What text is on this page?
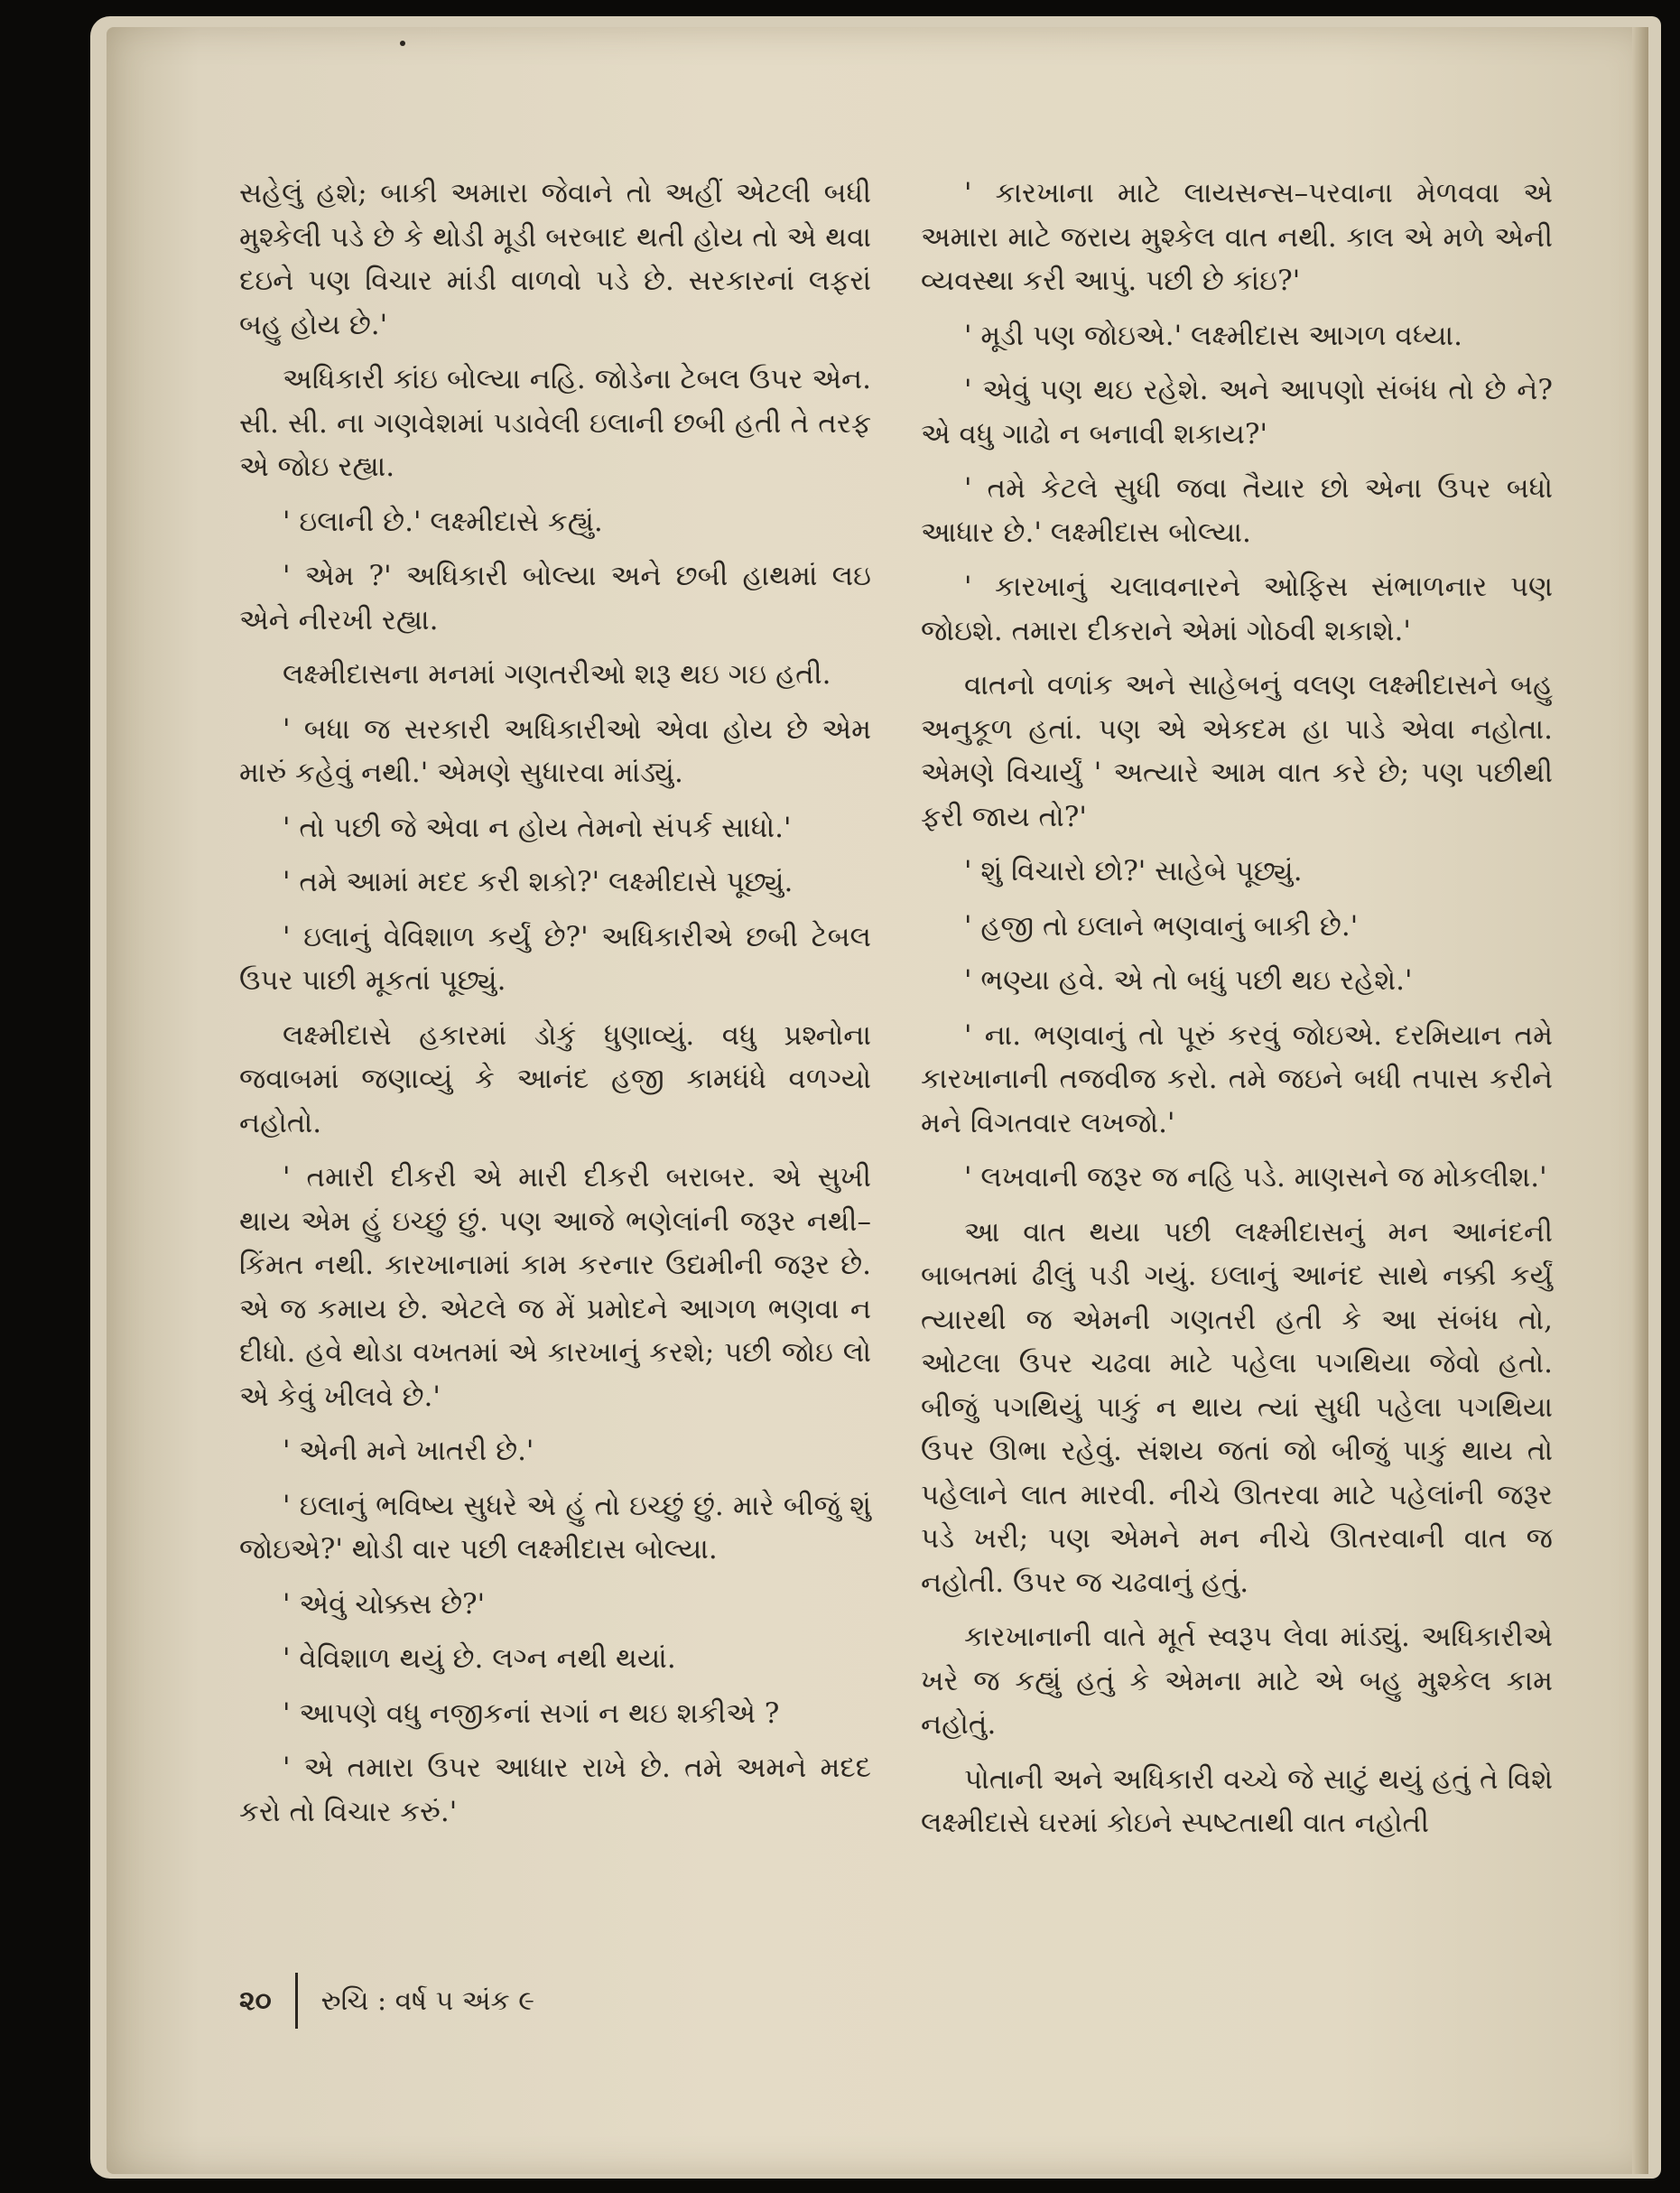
સહેલું હશે; બાકી અમારા જેવાને તો અહીં એટલી બધી મુશ્કેલી પડે છે કે થોડી મૂડી બરબાદ થતી હોય તો એ થવા દઇને પણ વિચાર માંડી વાળવો પડે છે. સરકારનાં લફરાં બહુ હોય છે.'

અધિકારી કાંઇ બોલ્યા નહિ. જોડેના ટેબલ ઉપર એન. સી. સી. ના ગણવેશમાં પડાવેલી ઇલાની છબી હતી તે તરફ એ જોઇ રહ્યા.

' ઇલાની છે.' લક્ષ્મીદાસે કહ્યું.

' એમ ?' અધિકારી બોલ્યા અને છબી હાથમાં લઇ એને નીરખી રહ્યા.

લક્ષ્મીદાસના મનમાં ગણતરીઓ શરૂ થઇ ગઇ હતી.

' બધા જ સરકારી અધિકારીઓ એવા હોય છે એમ મારું કહેવું નથી.' એમણે સુધારવા માંડ્યું.

' તો પછી જે એવા ન હોય તેમનો સંપર્ક સાધો.'

' તમે આમાં મદદ કરી શકો?' લક્ષ્મીદાસે પૂછ્યું.

' ઇલાનું વેવિશાળ કર્યું છે?' અધિકારીએ છબી ટેબલ ઉપર પાછી મૂકતાં પૂછ્યું.

લક્ષ્મીદાસે હકારમાં ડોકું ધુણાવ્યું. વધુ પ્રશ્નોના જવાબમાં જણાવ્યું કે આનંદ હજી કામધંધે વળગ્યો નહોતો.

' તમારી દીકરી એ મારી દીકરી બરાબર. એ સુખી થાય એમ હું ઇચ્છું છું. પણ આજે ભણેલાંની જરૂર નથી–કિંમત નથી. કારખાનામાં કામ કરનાર ઉદ્યમીની જરૂર છે. એ જ કમાય છે. એટલે જ મેં પ્રમોદને આગળ ભણવા ન દીધો. હવે થોડા વખતમાં એ કારખાનું કરશે; પછી જોઇ લો એ કેવું ખીલવે છે.'

' એની મને ખાતરી છે.'

' ઇલાનું ભવિષ્ય સુધરે એ હું તો ઇચ્છું છું. મારે બીજું શું જોઇએ?' થોડી વાર પછી લક્ષ્મીદાસ બોલ્યા.

' એવું ચોક્કસ છે?'

' વેવિશાળ થયું છે. લગ્ન નથી થયાં.

' આપણે વધુ નજીકનાં સગાં ન થઇ શકીએ ?

' એ તમારા ઉપર આધાર રાખે છે. તમે અમને મદદ કરો તો વિચાર કરું.'

' કારખાના માટે લાયસન્સ–પરવાના મેળવવા એ અમારા માટે જરાય મુશ્કેલ વાત નથી. કાલ એ મળે એની વ્યવસ્થા કરી આપું. પછી છે કાંઇ?'

' મૂડી પણ જોઇએ.' લક્ષ્મીદાસ આગળ વધ્યા.

' એવું પણ થઇ રહેશે. અને આપણો સંબંધ તો છે ને? એ વધુ ગાઢો ન બનાવી શકાય?'

' તમે કેટલે સુધી જવા તૈયાર છો એના ઉપર બધો આધાર છે.' લક્ષ્મીદાસ બોલ્યા.

' કારખાનું ચલાવનારને ઓફિસ સંભાળનાર પણ જોઇશે. તમારા દીકરાને એમાં ગોઠવી શકાશે.'

વાતનો વળાંક અને સાહેબનું વલણ લક્ષ્મીદાસને બહુ અનુકૂળ હતાં. પણ એ એકદમ હા પાડે એવા નહોતા. એમણે વિચાર્યું ' અત્યારે આમ વાત કરે છે; પણ પછીથી ફરી જાય તો?'

' શું વિચારો છો?' સાહેબે પૂછ્યું.

' હજી તો ઇલાને ભણવાનું બાકી છે.'

' ભણ્યા હવે. એ તો બધું પછી થઇ રહેશે.'

' ના. ભણવાનું તો પૂરું કરવું જોઇએ. દરમિયાન તમે કારખાનાની તજવીજ કરો. તમે જઇને બધી તપાસ કરીને મને વિગતવાર લખજો.'

' લખવાની જરૂર જ નહિ પડે. માણસને જ મોકલીશ.'

આ વાત થયા પછી લક્ષ્મીદાસનું મન આનંદની બાબતમાં ઢીલું પડી ગયું. ઇલાનું આનંદ સાથે નક્કી કર્યું ત્યારથી જ એમની ગણતરી હતી કે આ સંબંધ તો, ઓટલા ઉપર ચઢવા માટે પહેલા પગથિયા જેવો હતો. બીજું પગથિયું પાકું ન થાય ત્યાં સુધી પહેલા પગથિયા ઉપર ઊભા રહેવું. સંશય જતાં જો બીજું પાકું થાય તો પહેલાને લાત મારવી. નીચે ઊતરવા માટે પહેલાંની જરૂર પડે ખરી; પણ એમને મન નીચે ઊતરવાની વાત જ નહોતી. ઉપર જ ચઢવાનું હતું.

કારખાનાની વાતે મૂર્ત સ્વરૂપ લેવા માંડ્યું. અધિકારીએ ખરે જ કહ્યું હતું કે એમના માટે એ બહુ મુશ્કેલ કામ નહોતું.

પોતાની અને અધિકારી વચ્ચે જે સાટું થયું હતું તે વિશે લક્ષ્મીદાસે ઘરમાં કોઇને સ્પષ્ટતાથી વાત નહોતી

૨૦ રુચિ : વર્ષ ૫ અંક ૯
